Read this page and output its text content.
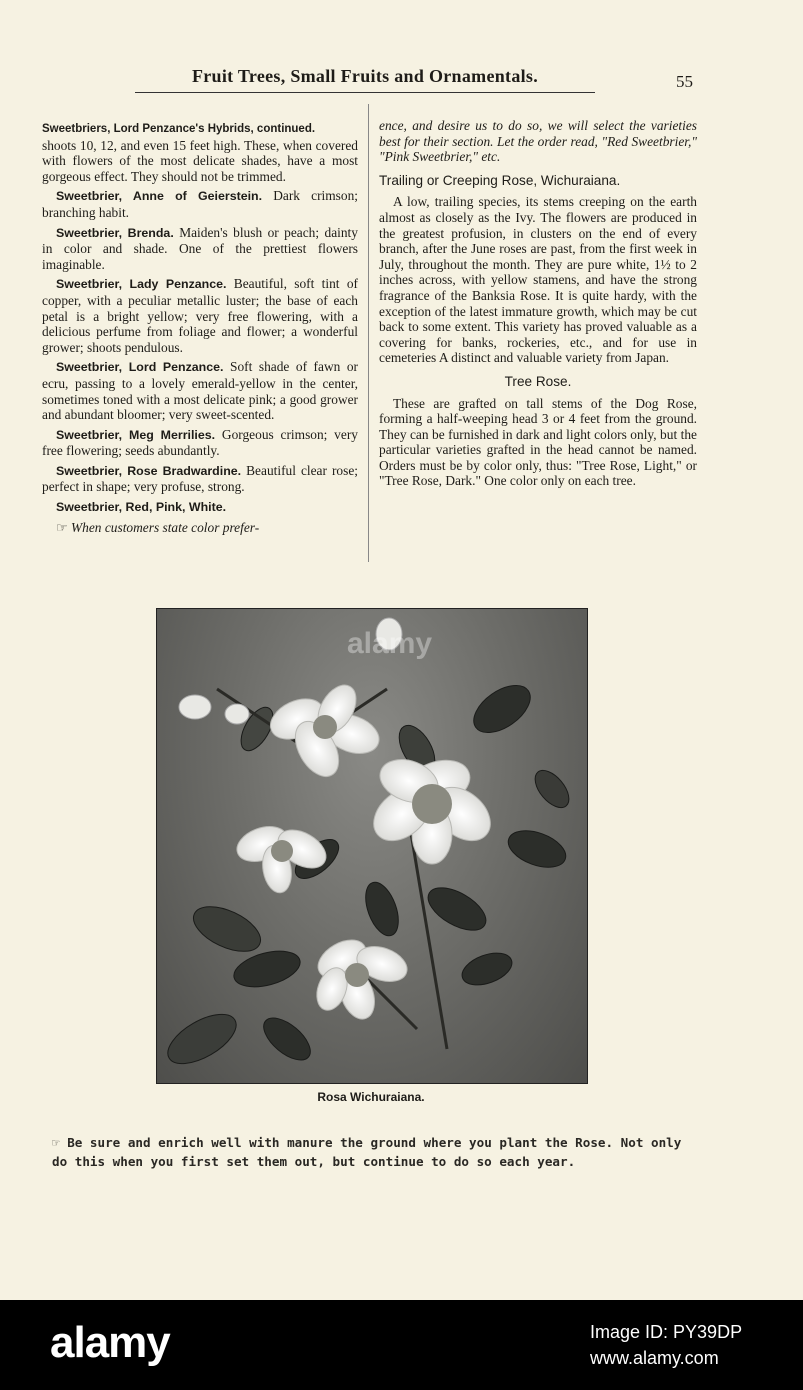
Fruit Trees, Small Fruits and Ornamentals.	55
Sweetbriers, Lord Penzance's Hybrids, continued.
shoots 10, 12, and even 15 feet high. These, when covered with flowers of the most delicate shades, have a most gorgeous effect. They should not be trimmed.
Sweetbrier, Anne of Geierstein. Dark crimson; branching habit.
Sweetbrier, Brenda. Maiden's blush or peach; dainty in color and shade. One of the prettiest flowers imaginable.
Sweetbrier, Lady Penzance. Beautiful, soft tint of copper, with a peculiar metallic luster; the base of each petal is a bright yellow; very free flowering, with a delicious perfume from foliage and flower; a wonderful grower; shoots pendulous.
Sweetbrier, Lord Penzance. Soft shade of fawn or ecru, passing to a lovely emerald-yellow in the center, sometimes toned with a most delicate pink; a good grower and abundant bloomer; very sweet-scented.
Sweetbrier, Meg Merrilies. Gorgeous crimson; very free flowering; seeds abundantly.
Sweetbrier, Rose Bradwardine. Beautiful clear rose; perfect in shape; very profuse, strong.
Sweetbrier, Red, Pink, White.
☞ When customers state color prefer-
ence, and desire us to do so, we will select the varieties best for their section. Let the order read, "Red Sweetbrier," "Pink Sweetbrier," etc.
Trailing or Creeping Rose, Wichuraiana.
A low, trailing species, its stems creeping on the earth almost as closely as the Ivy. The flowers are produced in the greatest profusion, in clusters on the end of every branch, after the June roses are past, from the first week in July, throughout the month. They are pure white, 1½ to 2 inches across, with yellow stamens, and have the strong fragrance of the Banksia Rose. It is quite hardy, with the exception of the latest immature growth, which may be cut back to some extent. This variety has proved valuable as a covering for banks, rockeries, etc., and for use in cemeteries A distinct and valuable variety from Japan.
Tree Rose.
These are grafted on tall stems of the Dog Rose, forming a half-weeping head 3 or 4 feet from the ground. They can be furnished in dark and light colors only, but the particular varieties grafted in the head cannot be named. Orders must be by color only, thus: "Tree Rose, Light," or "Tree Rose, Dark." One color only on each tree.
alamy
Rosa Wichuraiana.
☞ Be sure and enrich well with manure the ground where you plant the Rose. Not only do this when you first set them out, but continue to do so each year.
alamy	Image ID: PY39DP
www.alamy.com
